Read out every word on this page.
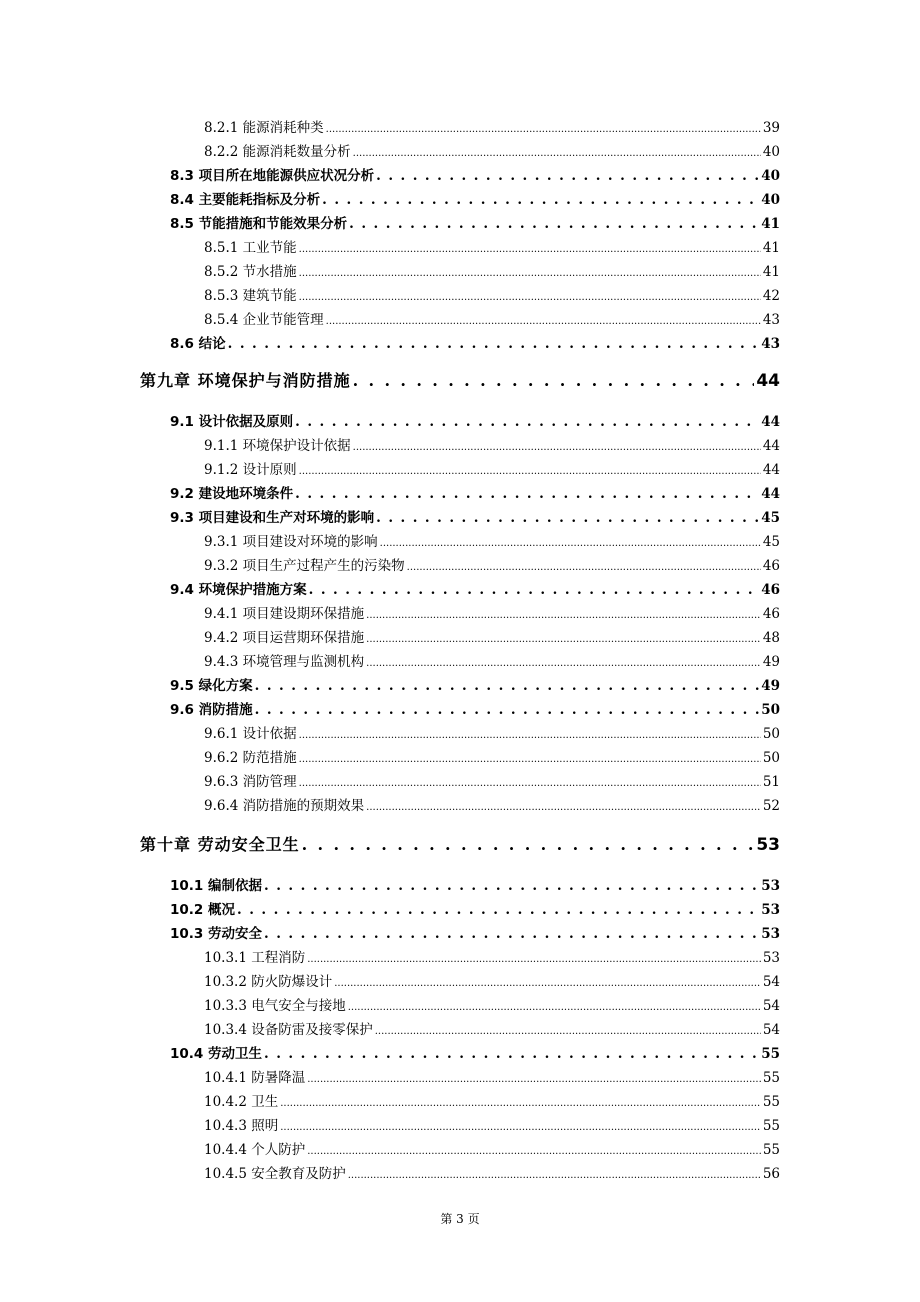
8.2.1 能源消耗种类 .....	39
8.2.2 能源消耗数量分析 .....	40
8.3 项目所在地能源供应状况分析 . . .	40
8.4 主要能耗指标及分析 . . .	40
8.5 节能措施和节能效果分析 . . .	41
8.5.1 工业节能 .....	41
8.5.2 节水措施 .....	41
8.5.3 建筑节能 .....	42
8.5.4 企业节能管理 .....	43
8.6 结论 . . .	43
第九章 环境保护与消防措施 . . .	44
9.1 设计依据及原则 . . .	44
9.1.1 环境保护设计依据 .....	44
9.1.2 设计原则 .....	44
9.2 建设地环境条件 . . .	44
9.3 项目建设和生产对环境的影响 . . .	45
9.3.1 项目建设对环境的影响 .....	45
9.3.2 项目生产过程产生的污染物 .....	46
9.4 环境保护措施方案 . . .	46
9.4.1 项目建设期环保措施 .....	46
9.4.2 项目运营期环保措施 .....	48
9.4.3 环境管理与监测机构 .....	49
9.5 绿化方案 . . .	49
9.6 消防措施 . . .	50
9.6.1 设计依据 .....	50
9.6.2 防范措施 .....	50
9.6.3 消防管理 .....	51
9.6.4 消防措施的预期效果 .....	52
第十章 劳动安全卫生 . . .	53
10.1 编制依据 . . .	53
10.2 概况 . . .	53
10.3 劳动安全 . . .	53
10.3.1 工程消防 .....	53
10.3.2 防火防爆设计 .....	54
10.3.3 电气安全与接地 .....	54
10.3.4 设备防雷及接零保护 .....	54
10.4 劳动卫生 . . .	55
10.4.1 防暑降温 .....	55
10.4.2 卫生 .....	55
10.4.3 照明 .....	55
10.4.4 个人防护 .....	55
10.4.5 安全教育及防护 .....	56
第 3 页
